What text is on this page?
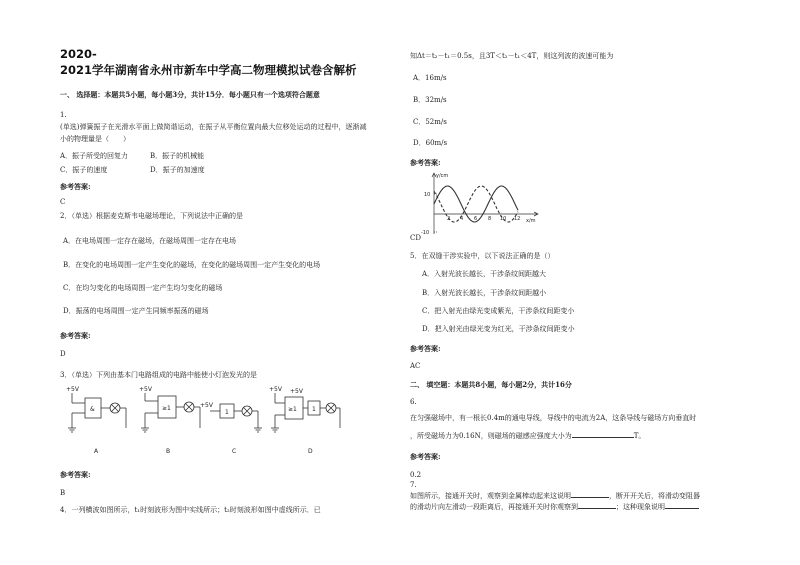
2020-
2021学年湖南省永州市新车中学高二物理模拟试卷含解析
一、 选择题：本题共5小题，每小题3分，共计15分．每小题只有一个选项符合题意
1.
(单选)弹簧振子在光滑水平面上做简谐运动，在振子从平衡位置向最大位移处运动的过程中，逐渐减
小的物理量是（　　）
A．振子所受的回复力	B．振子的机械能
C．振子的速度	D．振子的加速度
参考答案:
C
2．（单选）根据麦克斯韦电磁场理论，下列说法中正确的是
A．在电场周围一定存在磁场，在磁场周围一定存在电场
B．在变化的电场周围一定产生变化的磁场，在变化的磁场周围一定产生变化的电场
C．在均匀变化的电场周围一定产生均匀变化的磁场
D．振荡的电场周围一定产生同频率振荡的磁场
参考答案:
D
3．（单选）下列由基本门电路组成的电路中能使小灯泡发光的是
+5V
&
+5V
≥1	+5V
1
+5V
≥1	1
+5V
A	B	C	D
参考答案:
B
4．一列横波如图所示，t₁时刻波形为图中实线所示；t₂时刻波形如图中虚线所示．已
知Δt＝t₂－t₁＝0.5s，且3T＜t₂－t₁＜4T，则这列波的波速可能为
A．16m/s
B．32m/s
C．52m/s
D．60m/s
参考答案:
y/cm
x/m
10
-10
2 4 6 8 10 12
CD
5．在双缝干涉实验中，以下说法正确的是（）
A．入射光波长越长，干涉条纹间距越大
B．入射光波长越长，干涉条纹间距越小
C．把入射光由绿光变成紫光，干涉条纹间距变小
D．把入射光由绿光变为红光，干涉条纹间距变小
参考答案:
AC
二、 填空题：本题共8小题，每小题2分，共计16分
6.
在匀强磁场中，有一根长0.4m的通电导线，导线中的电流为2A，这条导线与磁场方向垂直时
，所受磁场力为0.16N，则磁场的磁感应强度大小为	T。
参考答案:
0.2
7.
如图所示，接通开关时，观察到金属棒动起来这说明	，断开开关后，将滑动变阻器
的滑动片向左滑动一段距离后，再接通开关时你观察到	；这种现象说明
